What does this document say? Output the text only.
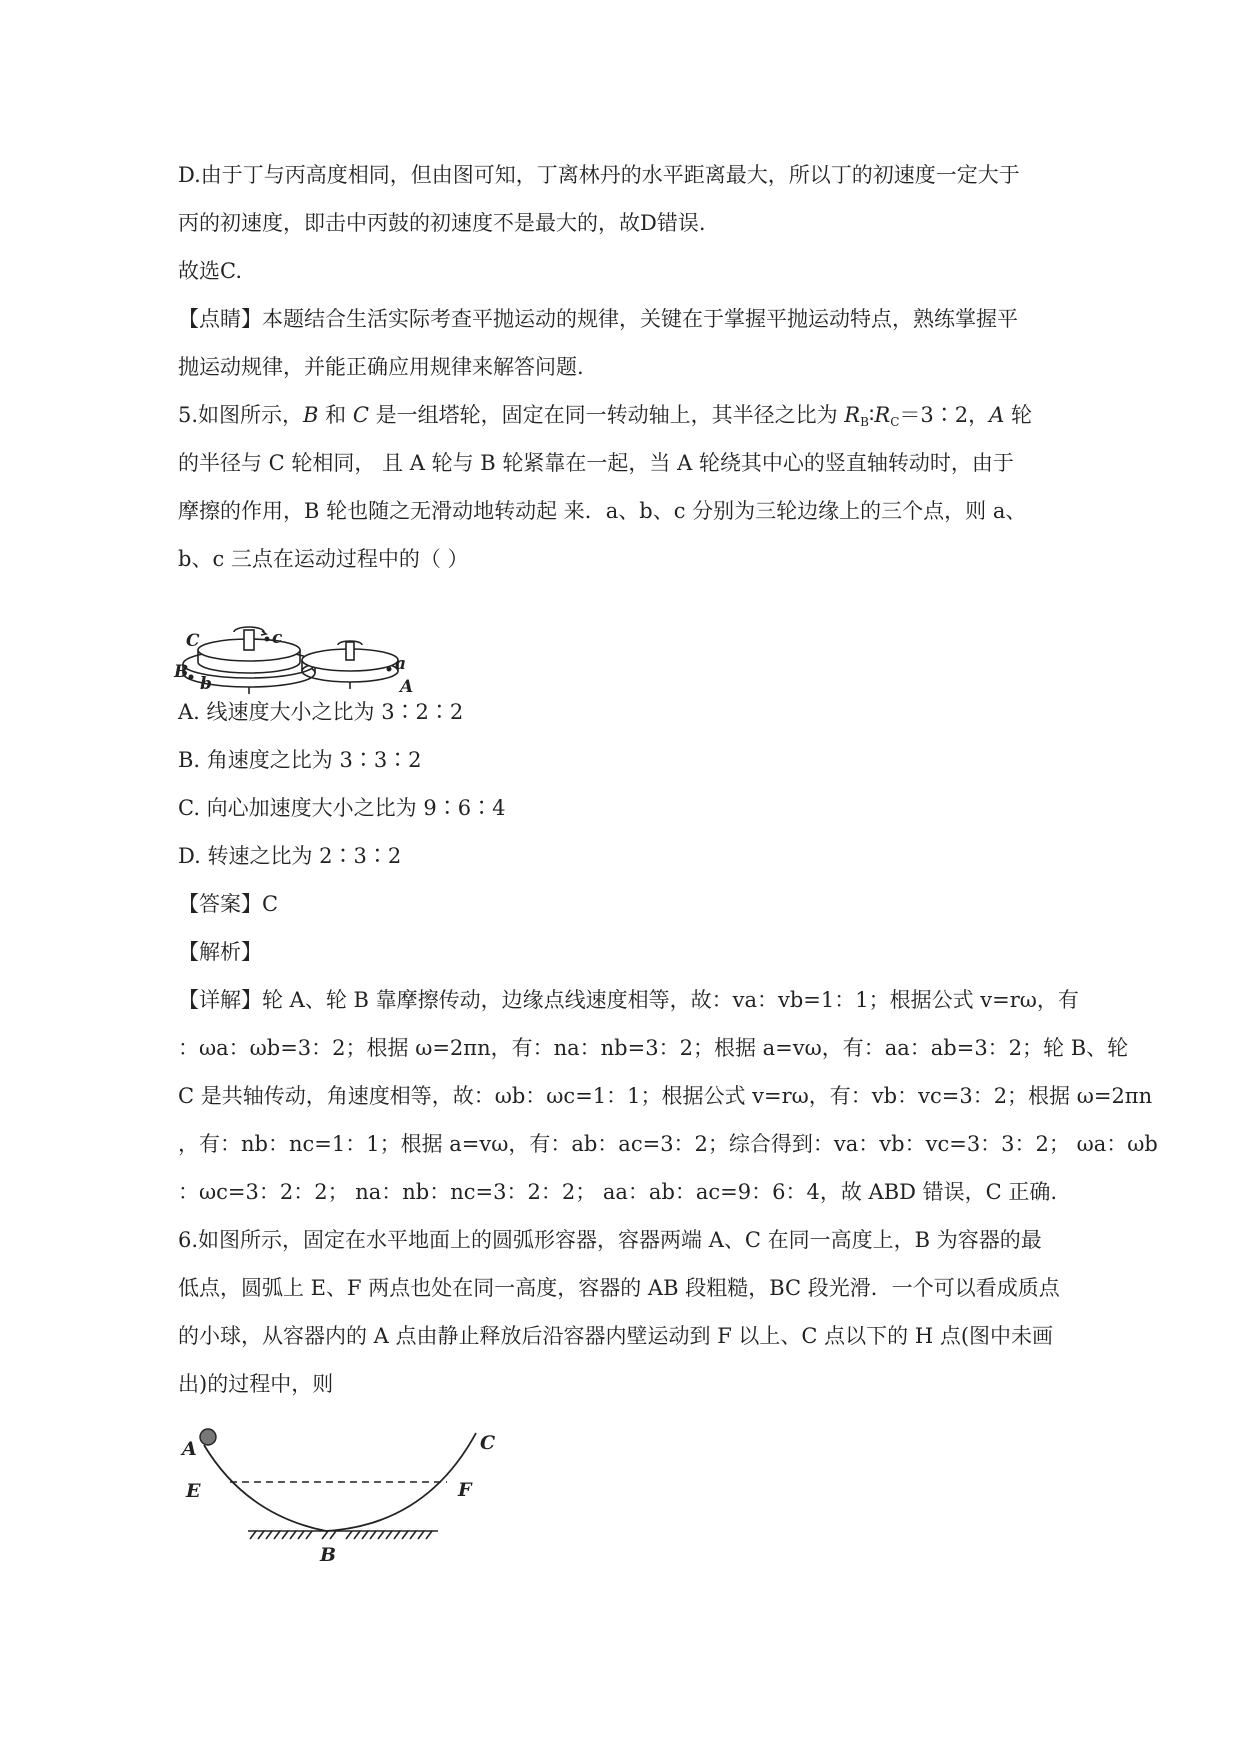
D.由于丁与丙高度相同，但由图可知，丁离林丹的水平距离最大，所以丁的初速度一定大于
丙的初速度，即击中丙鼓的初速度不是最大的，故D错误.
故选C.
【点睛】本题结合生活实际考查平抛运动的规律，关键在于掌握平抛运动特点，熟练掌握平
抛运动规律，并能正确应用规律来解答问题.
5.如图所示，B 和 C 是一组塔轮，固定在同一转动轴上，其半径之比为 $R_B∶R_C=3∶2$，A 轮
的半径与 C 轮相同， 且 A 轮与 B 轮紧靠在一起，当 A 轮绕其中心的竖直轴转动时，由于
摩擦的作用，B 轮也随之无滑动地转动起 来．a、b、c 分别为三轮边缘上的三个点，则 a、
b、c 三点在运动过程中的（ ）
C	c
B
b
a
A
A. 线速度大小之比为 3∶2∶2
B. 角速度之比为 3∶3∶2
C. 向心加速度大小之比为 9∶6∶4
D. 转速之比为 2∶3∶2
【答案】C
【解析】
【详解】轮 A、轮 B 靠摩擦传动，边缘点线速度相等，故：va：vb=1：1；根据公式 v=rω，有
：ωa：ωb=3：2；根据 ω=2πn，有：na：nb=3：2；根据 a=vω，有：aa：ab=3：2；轮 B、轮
C 是共轴传动，角速度相等，故：ωb：ωc=1：1；根据公式 v=rω，有：vb：vc=3：2；根据 ω=2πn
，有：nb：nc=1：1；根据 a=vω，有：ab：ac=3：2；综合得到：va：vb：vc=3：3：2； ωa：ωb
：ωc=3：2：2； na：nb：nc=3：2：2； aa：ab：ac=9：6：4，故 ABD 错误，C 正确.
6.如图所示，固定在水平地面上的圆弧形容器，容器两端 A、C 在同一高度上，B 为容器的最
低点，圆弧上 E、F 两点也处在同一高度，容器的 AB 段粗糙，BC 段光滑．一个可以看成质点
的小球，从容器内的 A 点由静止释放后沿容器内壁运动到 F 以上、C 点以下的 H 点(图中未画
出)的过程中，则
A	C
E	F
B
